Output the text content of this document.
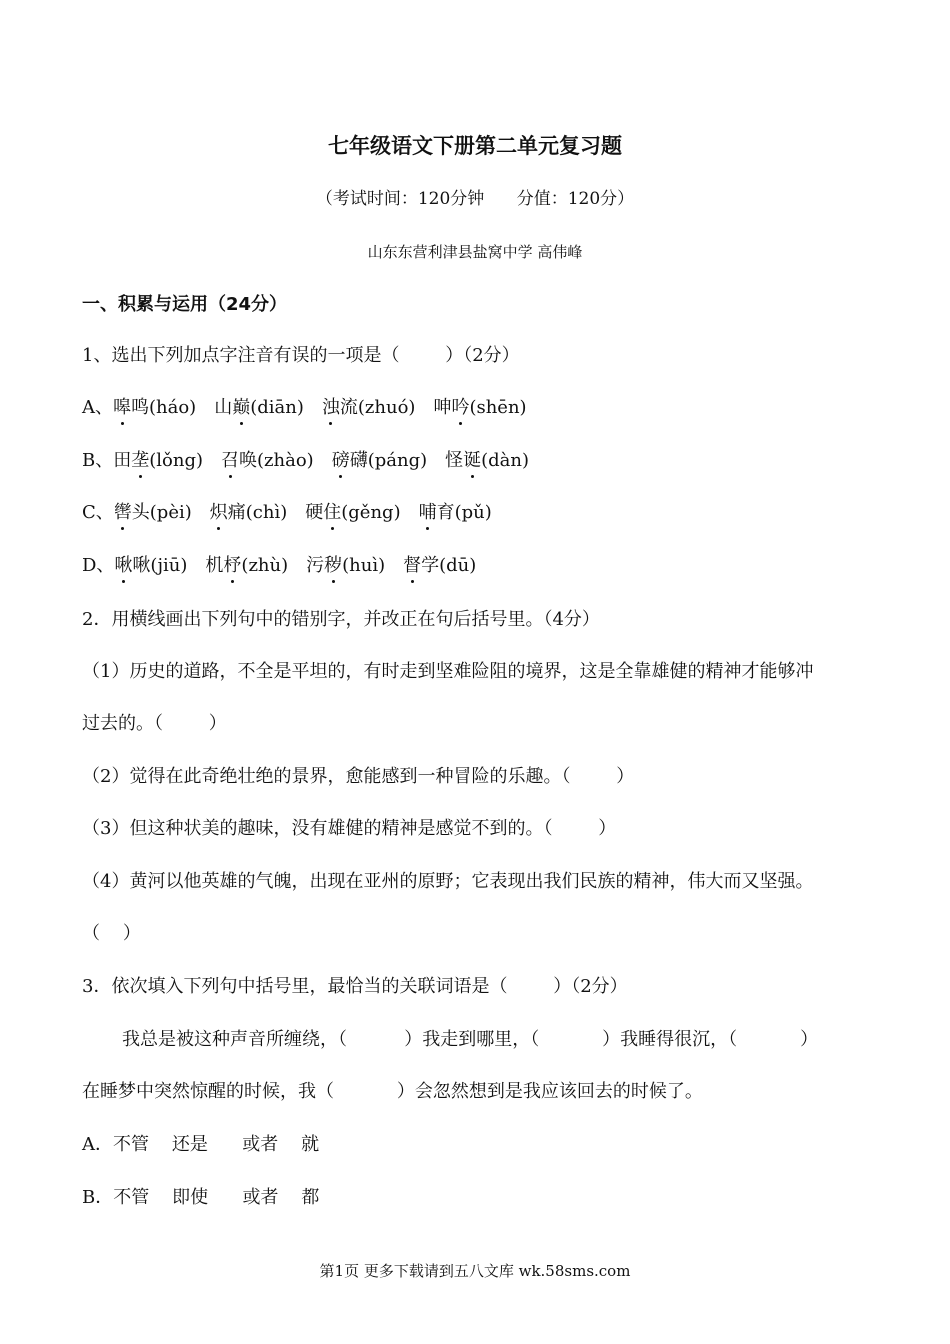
七年级语文下册第二单元复习题
（考试时间：120分钟      分值：120分）
山东东营利津县盐窝中学 高伟峰
一、积累与运用（24分）
1、选出下列加点字注音有误的一项是（        ）（2分）
A、嗥鸣(háo) 山巅(diān) 浊流(zhuó) 呻吟(shēn)
B、田垄(lǒng) 召唤(zhào) 磅礴(páng) 怪诞(dàn)
C、辔头(pèi) 炽痛(chì) 硬住(gěng) 哺育(pǔ)
D、啾啾(jiū) 机杼(zhù) 污秽(huì) 督学(dū)
2．用横线画出下列句中的错别字，并改正在句后括号里。（4分）
（1）历史的道路，不全是平坦的，有时走到坚难险阻的境界，这是全靠雄健的精神才能够冲
过去的。（        ）
（2）觉得在此奇绝壮绝的景界，愈能感到一种冒险的乐趣。（        ）
（3）但这种状美的趣味，没有雄健的精神是感觉不到的。（        ）
（4）黄河以他英雄的气魄，出现在亚州的原野；它表现出我们民族的精神，伟大而又坚强。
（    ）
3．依次填入下列句中括号里，最恰当的关联词语是（        ）（2分）
我总是被这种声音所缠绕，（          ）我走到哪里，（           ）我睡得很沉，（           ）
在睡梦中突然惊醒的时候，我（           ）会忽然想到是我应该回去的时候了。
A．不管    还是      或者    就
B．不管    即使      或者    都
第1页 更多下载请到五八文库 wk.58sms.com
